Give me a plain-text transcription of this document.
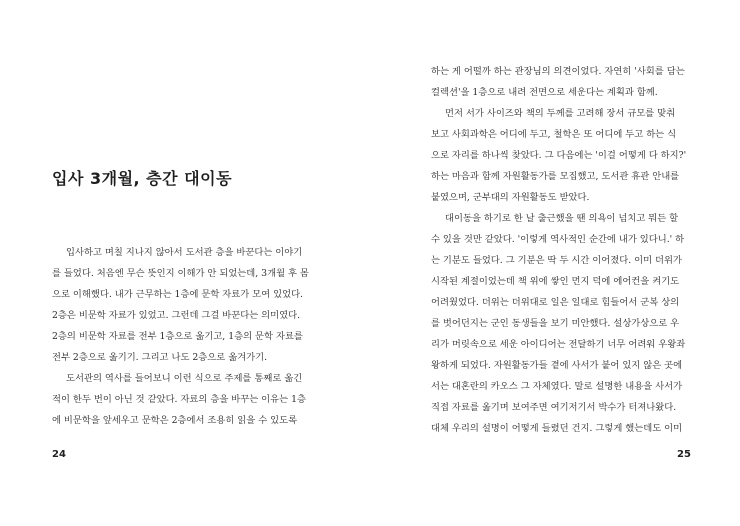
입사 3개월, 층간 대이동
입사하고 며칠 지나지 않아서 도서관 층을 바꾼다는 이야기
를 들었다. 처음엔 무슨 뜻인지 이해가 안 되었는데, 3개월 후 몸
으로 이해했다. 내가 근무하는 1층에 문학 자료가 모여 있었다.
2층은 비문학 자료가 있었고. 그런데 그걸 바꾼다는 의미였다.
2층의 비문학 자료를 전부 1층으로 옮기고, 1층의 문학 자료를
전부 2층으로 옮기기. 그리고 나도 2층으로 옮겨가기.
도서관의 역사를 들어보니 이런 식으로 주제를 통째로 옮긴
적이 한두 번이 아닌 것 같았다. 자료의 층을 바꾸는 이유는 1층
에 비문학을 앞세우고 문학은 2층에서 조용히 읽을 수 있도록
24
하는 게 어떨까 하는 관장님의 의견이었다. 자연히 '사회를 담는
컬렉션'을 1층으로 내려 전면으로 세운다는 계획과 함께.
먼저 서가 사이즈와 책의 두께를 고려해 장서 규모를 맞춰
보고 사회과학은 어디에 두고, 철학은 또 어디에 두고 하는 식
으로 자리를 하나씩 찾았다. 그 다음에는 '이걸 어떻게 다 하지?'
하는 마음과 함께 자원활동가를 모집했고, 도서관 휴관 안내를
붙였으며, 군부대의 자원활동도 받았다.
대이동을 하기로 한 날 출근했을 땐 의욕이 넘치고 뭐든 할
수 있을 것만 같았다. '이렇게 역사적인 순간에 내가 있다니.' 하
는 기분도 들었다. 그 기분은 딱 두 시간 이어졌다. 이미 더위가
시작된 계절이었는데 책 위에 쌓인 먼지 덕에 에어컨을 켜기도
어려웠었다. 더위는 더위대로 일은 일대로 힘들어서 군복 상의
를 벗어던지는 군인 동생들을 보기 미안했다. 설상가상으로 우
리가 머릿속으로 세운 아이디어는 전달하기 너무 어려워 우왕좌
왕하게 되었다. 자원활동가들 곁에 사서가 붙어 있지 않은 곳에
서는 대혼란의 카오스 그 자체였다. 말로 설명한 내용을 사서가
직접 자료를 옮기며 보여주면 여기저기서 박수가 터져나왔다.
대체 우리의 설명이 어떻게 들렸던 건지. 그렇게 했는데도 이미
25
